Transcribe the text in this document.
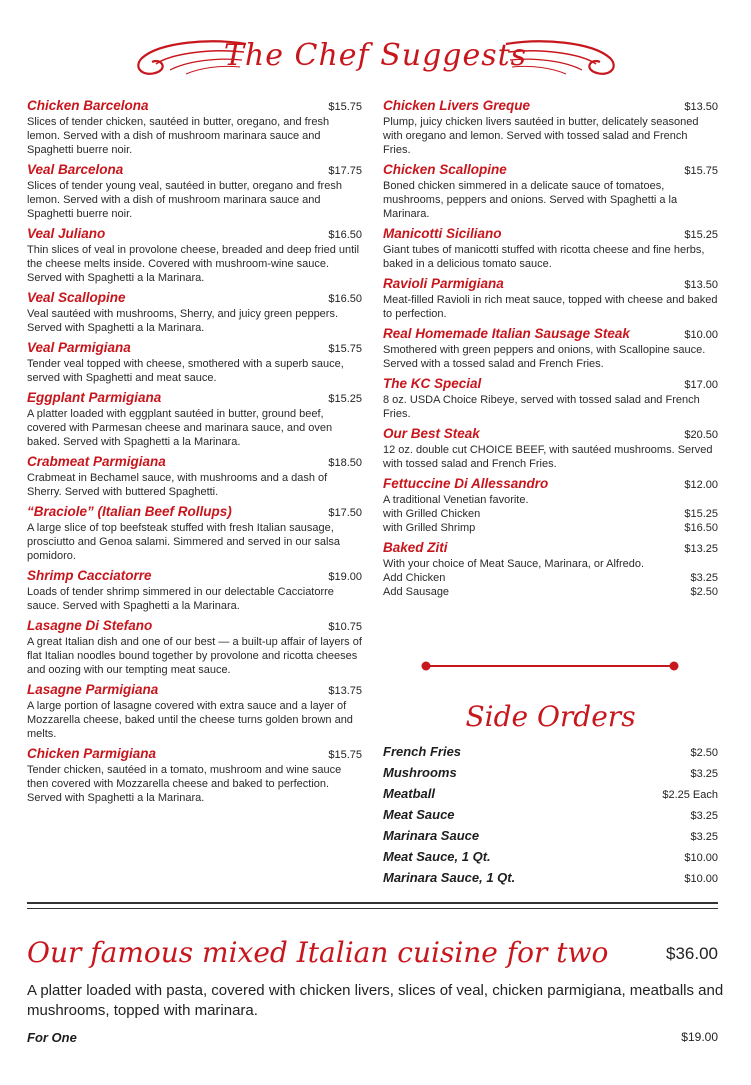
The Chef Suggests
Chicken Barcelona	$15.75
Slices of tender chicken, sautéed in butter, oregano, and fresh lemon. Served with a dish of mushroom marinara sauce and Spaghetti buerre noir.
Veal Barcelona	$17.75
Slices of tender young veal, sautéed in butter, oregano and fresh lemon. Served with a dish of mushroom marinara sauce and Spaghetti buerre noir.
Veal Juliano	$16.50
Thin slices of veal in provolone cheese, breaded and deep fried until the cheese melts inside. Covered with mushroom-wine sauce. Served with Spaghetti a la Marinara.
Veal Scallopine	$16.50
Veal sautéed with mushrooms, Sherry, and juicy green peppers. Served with Spaghetti a la Marinara.
Veal Parmigiana	$15.75
Tender veal topped with cheese, smothered with a superb sauce, served with Spaghetti and meat sauce.
Eggplant Parmigiana	$15.25
A platter loaded with eggplant sautéed in butter, ground beef, covered with Parmesan cheese and marinara sauce, and oven baked. Served with Spaghetti a la Marinara.
Crabmeat Parmigiana	$18.50
Crabmeat in Bechamel sauce, with mushrooms and a dash of Sherry. Served with buttered Spaghetti.
“Braciole” (Italian Beef Rollups)	$17.50
A large slice of top beefsteak stuffed with fresh Italian sausage, prosciutto and Genoa salami. Simmered and served in our salsa pomidoro.
Shrimp Cacciatorre	$19.00
Loads of tender shrimp simmered in our delectable Cacciatorre sauce. Served with Spaghetti a la Marinara.
Lasagne Di Stefano	$10.75
A great Italian dish and one of our best — a built-up affair of layers of flat Italian noodles bound together by provolone and ricotta cheeses and oozing with our tempting meat sauce.
Lasagne Parmigiana	$13.75
A large portion of lasagne covered with extra sauce and a layer of Mozzarella cheese, baked until the cheese turns golden brown and melts.
Chicken Parmigiana	$15.75
Tender chicken, sautéed in a tomato, mushroom and wine sauce then covered with Mozzarella cheese and baked to perfection. Served with Spaghetti a la Marinara.
Chicken Livers Greque	$13.50
Plump, juicy chicken livers sautéed in butter, delicately seasoned with oregano and lemon. Served with tossed salad and French Fries.
Chicken Scallopine	$15.75
Boned chicken simmered in a delicate sauce of tomatoes, mushrooms, peppers and onions. Served with Spaghetti a la Marinara.
Manicotti Siciliano	$15.25
Giant tubes of manicotti stuffed with ricotta cheese and fine herbs, baked in a delicious tomato sauce.
Ravioli Parmigiana	$13.50
Meat-filled Ravioli in rich meat sauce, topped with cheese and baked to perfection.
Real Homemade Italian Sausage Steak	$10.00
Smothered with green peppers and onions, with Scallopine sauce. Served with a tossed salad and French Fries.
The KC Special	$17.00
8 oz. USDA Choice Ribeye, served with tossed salad and French Fries.
Our Best Steak	$20.50
12 oz. double cut CHOICE BEEF, with sautéed mushrooms. Served with tossed salad and French Fries.
Fettuccine Di Allessandro	$12.00
A traditional Venetian favorite.
with Grilled Chicken	$15.25
with Grilled Shrimp	$16.50
Baked Ziti	$13.25
With your choice of Meat Sauce, Marinara, or Alfredo.
Add Chicken	$3.25
Add Sausage	$2.50
Side Orders
French Fries	$2.50
Mushrooms	$3.25
Meatball	$2.25 Each
Meat Sauce	$3.25
Marinara Sauce	$3.25
Meat Sauce, 1 Qt.	$10.00
Marinara Sauce, 1 Qt.	$10.00
Our famous mixed Italian cuisine for two	$36.00
A platter loaded with pasta, covered with chicken livers, slices of veal, chicken parmigiana, meatballs and mushrooms, topped with marinara.
For One	$19.00
